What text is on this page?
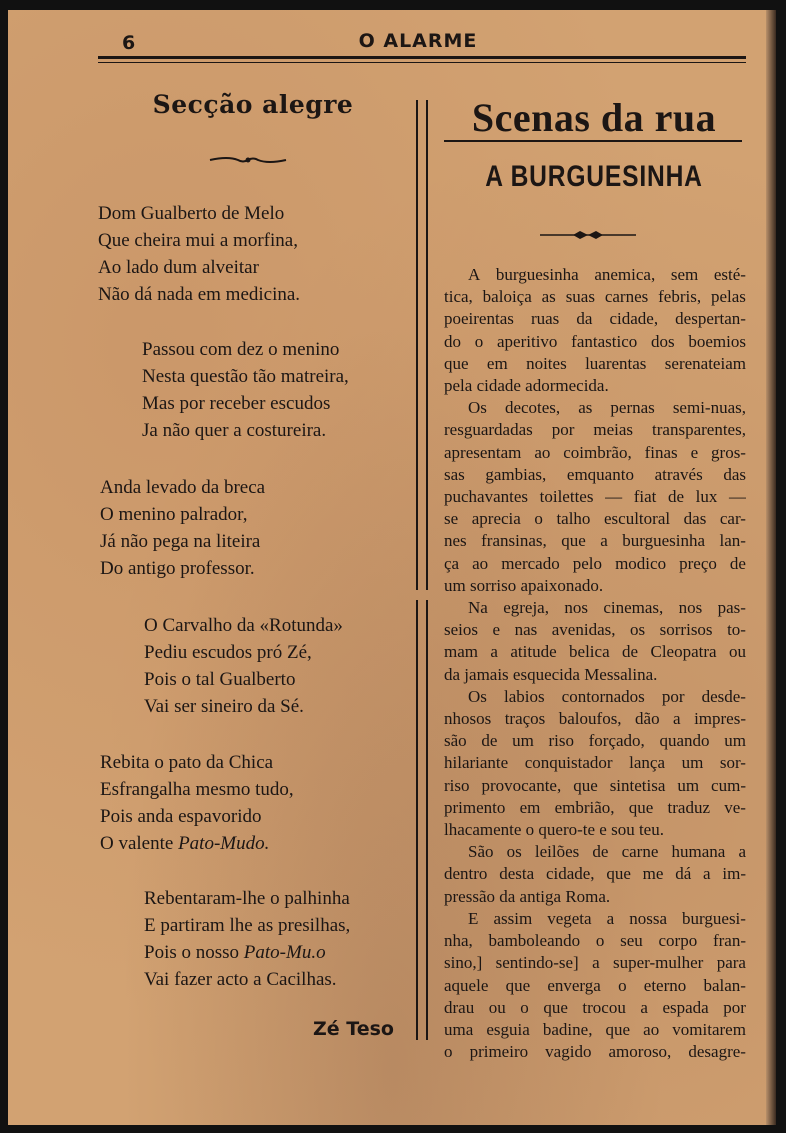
6	O ALARME
Secção alegre
Dom Gualberto de Melo
Que cheira mui a morfina,
Ao lado dum alveitar
Não dá nada em medicina.
Passou com dez o menino
Nesta questão tão matreira,
Mas por receber escudos
Ja não quer a costureira.
Anda levado da breca
O menino palrador,
Já não pega na liteira
Do antigo professor.
O Carvalho da «Rotunda»
Pediu escudos pró Zé,
Pois o tal Gualberto
Vai ser sineiro da Sé.
Rebita o pato da Chica
Esfrangalha mesmo tudo,
Pois anda espavorido
O valente Pato-Mudo.
Rebentaram-lhe o palhinha
E partiram lhe as presilhas,
Pois o nosso Pato-Mu.o
Vai fazer acto a Cacilhas.
Zé Teso
Scenas da rua
A BURGUESINHA
A burguesinha anemica, sem esté-
tica, baloiça as suas carnes febris, pelas
poeirentas ruas da cidade, despertan-
do o aperitivo fantastico dos boemios
que em noites luarentas serenateiam
pela cidade adormecida.
Os decotes, as pernas semi-nuas,
resguardadas por meias transparentes,
apresentam ao coimbrão, finas e gros-
sas gambias, emquanto através das
puchavantes toilettes — fiat de lux —
se aprecia o talho escultoral das car-
nes fransinas, que a burguesinha lan-
ça ao mercado pelo modico preço de
um sorriso apaixonado.
Na egreja, nos cinemas, nos pas-
seios e nas avenidas, os sorrisos to-
mam a atitude belica de Cleopatra ou
da jamais esquecida Messalina.
Os labios contornados por desde-
nhosos traços baloufos, dão a impres-
são de um riso forçado, quando um
hilariante conquistador lança um sor-
riso provocante, que sintetisa um cum-
primento em embrião, que traduz ve-
lhacamente o quero-te e sou teu.
São os leilões de carne humana a
dentro desta cidade, que me dá a im-
pressão da antiga Roma.
E assim vegeta a nossa burguesi-
nha, bamboleando o seu corpo fran-
sino,] sentindo-se] a super-mulher para
aquele que enverga o eterno balan-
drau ou o que trocou a espada por
uma esguia badine, que ao vomitarem
o primeiro vagido amoroso, desagre-
